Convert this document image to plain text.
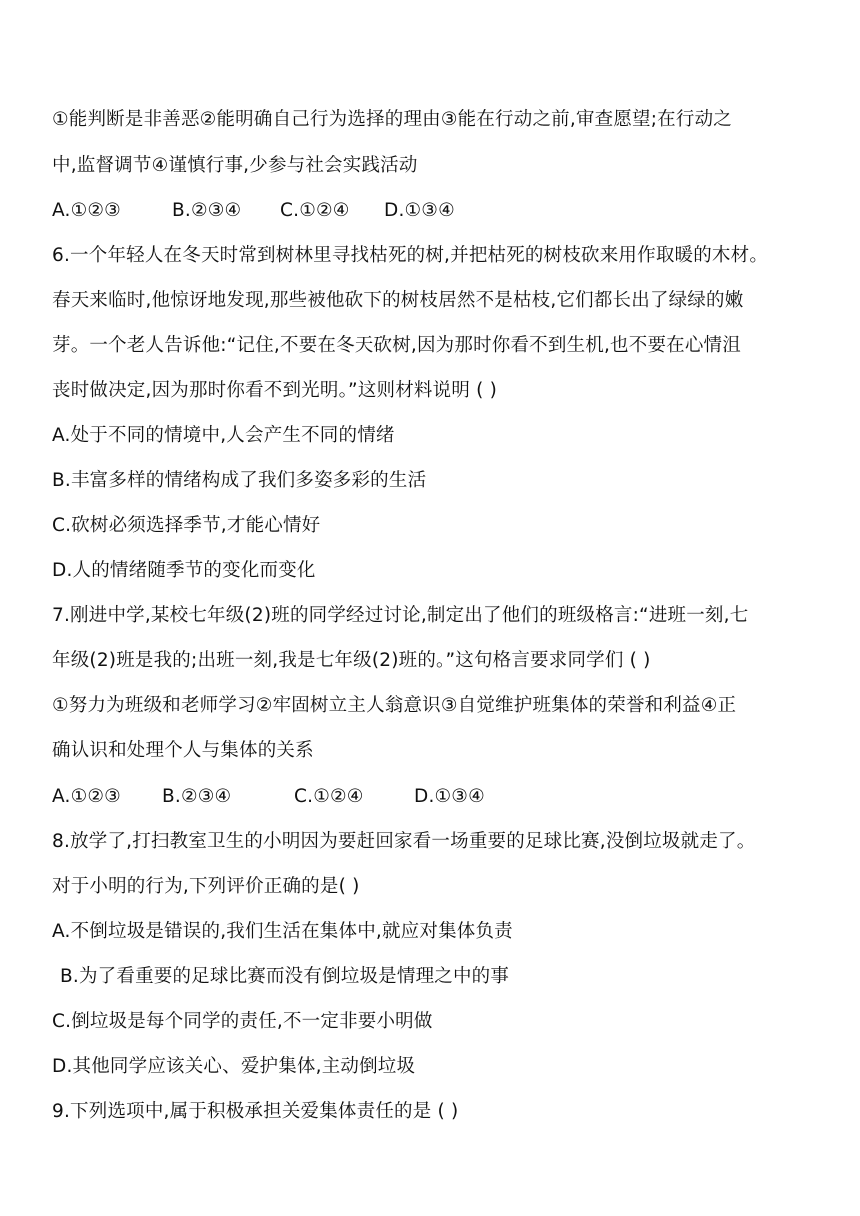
①能判断是非善恶②能明确自己行为选择的理由③能在行动之前,审查愿望;在行动之
中,监督调节④谨慎行事,少参与社会实践活动
A.①②③	B.②③④ C.①②④ D.①③④
6.一个年轻人在冬天时常到树林里寻找枯死的树,并把枯死的树枝砍来用作取暖的木材。
春天来临时,他惊讶地发现,那些被他砍下的树枝居然不是枯枝,它们都长出了绿绿的嫩
芽。一个老人告诉他:“记住,不要在冬天砍树,因为那时你看不到生机,也不要在心情沮
丧时做决定,因为那时你看不到光明。”这则材料说明 ( )
A.处于不同的情境中,人会产生不同的情绪
B.丰富多样的情绪构成了我们多姿多彩的生活
C.砍树必须选择季节,才能心情好
D.人的情绪随季节的变化而变化
7.刚进中学,某校七年级(2)班的同学经过讨论,制定出了他们的班级格言:“进班一刻,七
年级(2)班是我的;出班一刻,我是七年级(2)班的。”这句格言要求同学们 ( )
①努力为班级和老师学习②牢固树立主人翁意识③自觉维护班集体的荣誉和利益④正
确认识和处理个人与集体的关系
A.①②③ B.②③④	C.①②④	D.①③④
8.放学了,打扫教室卫生的小明因为要赶回家看一场重要的足球比赛,没倒垃圾就走了。
对于小明的行为,下列评价正确的是( )
A.不倒垃圾是错误的,我们生活在集体中,就应对集体负责
B.为了看重要的足球比赛而没有倒垃圾是情理之中的事
C.倒垃圾是每个同学的责任,不一定非要小明做
D.其他同学应该关心、爱护集体,主动倒垃圾
9.下列选项中,属于积极承担关爱集体责任的是 ( )
